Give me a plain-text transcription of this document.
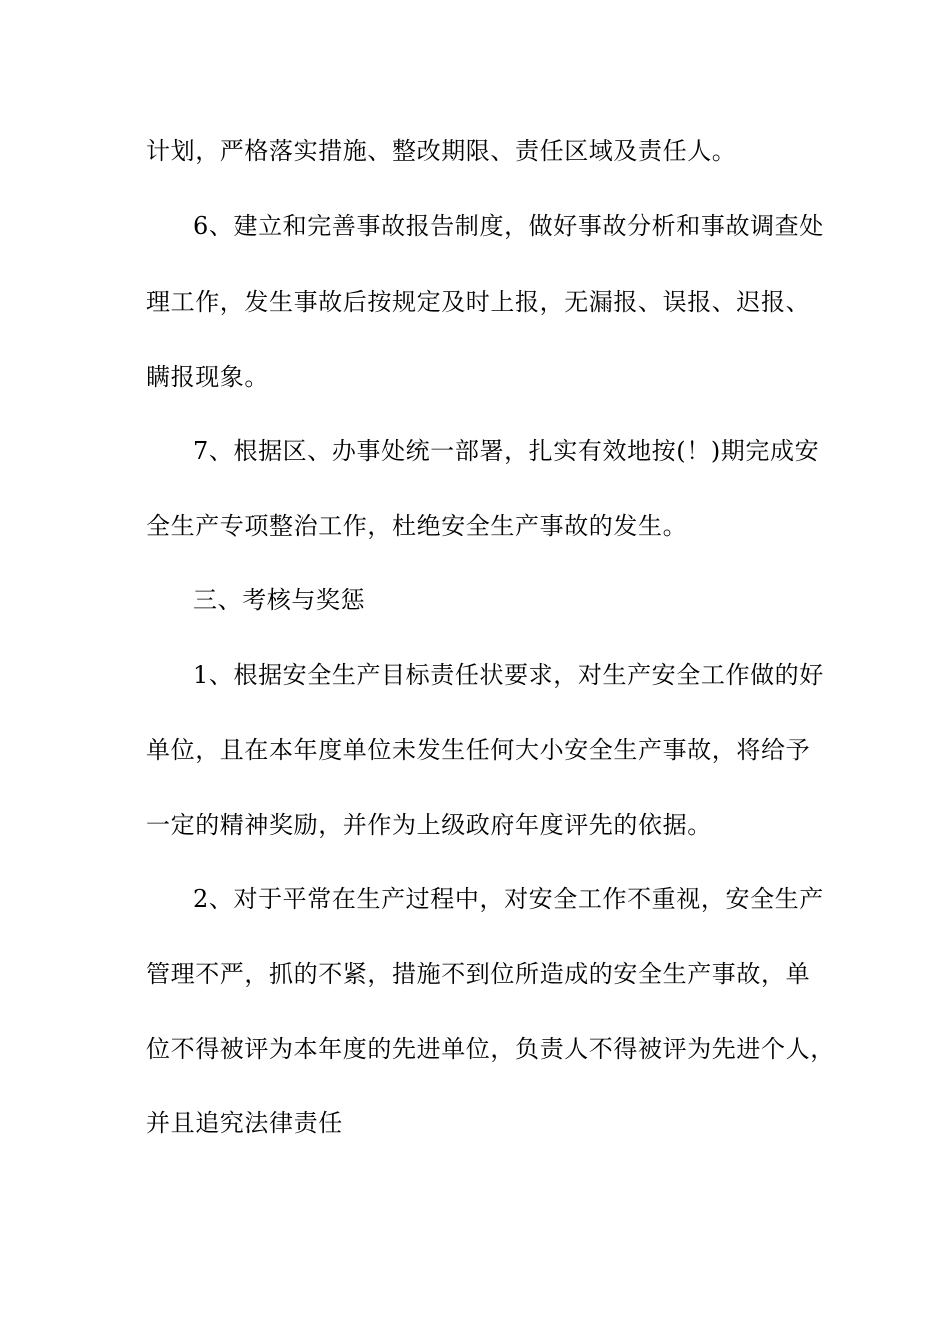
计划，严格落实措施、整改期限、责任区域及责任人。
6、建立和完善事故报告制度，做好事故分析和事故调查处
理工作，发生事故后按规定及时上报，无漏报、误报、迟报、
瞒报现象。
7、根据区、办事处统一部署，扎实有效地按(！)期完成安
全生产专项整治工作，杜绝安全生产事故的发生。
三、考核与奖惩
1、根据安全生产目标责任状要求，对生产安全工作做的好
单位，且在本年度单位未发生任何大小安全生产事故，将给予
一定的精神奖励，并作为上级政府年度评先的依据。
2、对于平常在生产过程中，对安全工作不重视，安全生产
管理不严，抓的不紧，措施不到位所造成的安全生产事故，单
位不得被评为本年度的先进单位，负责人不得被评为先进个人，
并且追究法律责任
